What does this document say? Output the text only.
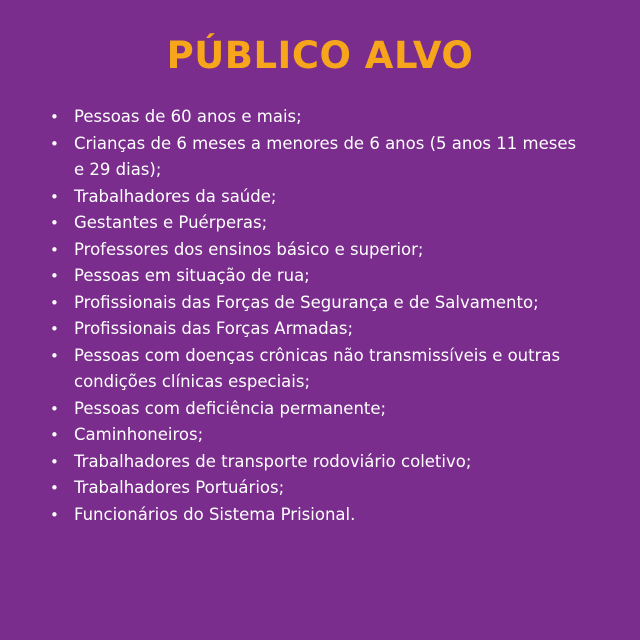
PÚBLICO ALVO
• Pessoas de 60 anos e mais;
• Crianças de 6 meses a menores de 6 anos (5 anos 11 meses e 29 dias);
• Trabalhadores da saúde;
• Gestantes e Puérperas;
• Professores dos ensinos básico e superior;
• Pessoas em situação de rua;
• Profissionais das Forças de Segurança e de Salvamento;
• Profissionais das Forças Armadas;
• Pessoas com doenças crônicas não transmissíveis e outras condições clínicas especiais;
• Pessoas com deficiência permanente;
• Caminhoneiros;
• Trabalhadores de transporte rodoviário coletivo;
• Trabalhadores Portuários;
• Funcionários do Sistema Prisional.
